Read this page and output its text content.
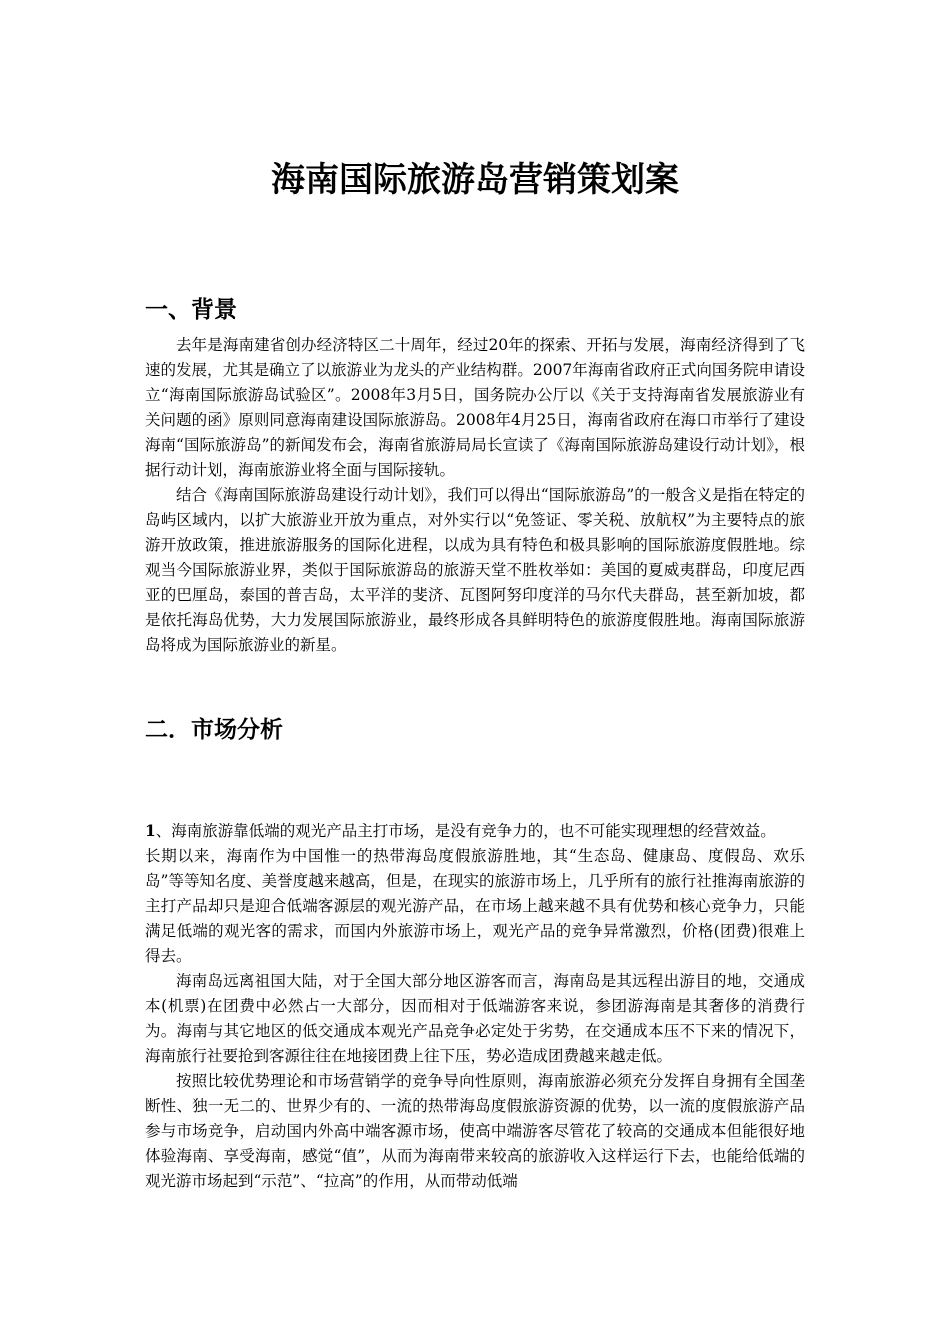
海南国际旅游岛营销策划案
一、背景

去年是海南建省创办经济特区二十周年，经过20年的探索、开拓与发展，海南经济得到了飞速的发展，尤其是确立了以旅游业为龙头的产业结构群。2007年海南省政府正式向国务院申请设立“海南国际旅游岛试验区”。2008年3月5日，国务院办公厅以《关于支持海南省发展旅游业有关问题的函》原则同意海南建设国际旅游岛。2008年4月25日，海南省政府在海口市举行了建设海南“国际旅游岛”的新闻发布会，海南省旅游局局长宣读了《海南国际旅游岛建设行动计划》，根据行动计划，海南旅游业将全面与国际接轨。

结合《海南国际旅游岛建设行动计划》，我们可以得出“国际旅游岛”的一般含义是指在特定的岛屿区域内，以扩大旅游业开放为重点，对外实行以“免签证、零关税、放航权”为主要特点的旅游开放政策，推进旅游服务的国际化进程，以成为具有特色和极具影响的国际旅游度假胜地。综观当今国际旅游业界，类似于国际旅游岛的旅游天堂不胜枚举如：美国的夏威夷群岛，印度尼西亚的巴厘岛，泰国的普吉岛，太平洋的斐济、瓦图阿努印度洋的马尔代夫群岛，甚至新加坡，都是依托海岛优势，大力发展国际旅游业，最终形成各具鲜明特色的旅游度假胜地。海南国际旅游岛将成为国际旅游业的新星。

二．市场分析

1、海南旅游靠低端的观光产品主打市场，是没有竞争力的，也不可能实现理想的经营效益。

长期以来，海南作为中国惟一的热带海岛度假旅游胜地，其“生态岛、健康岛、度假岛、欢乐岛”等等知名度、美誉度越来越高，但是，在现实的旅游市场上，几乎所有的旅行社推海南旅游的主打产品却只是迎合低端客源层的观光游产品，在市场上越来越不具有优势和核心竞争力，只能满足低端的观光客的需求，而国内外旅游市场上，观光产品的竞争异常激烈，价格(团费)很难上得去。

海南岛远离祖国大陆，对于全国大部分地区游客而言，海南岛是其远程出游目的地，交通成本(机票)在团费中必然占一大部分，因而相对于低端游客来说，参团游海南是其奢侈的消费行为。海南与其它地区的低交通成本观光产品竞争必定处于劣势，在交通成本压不下来的情况下，海南旅行社要抢到客源往往在地接团费上往下压，势必造成团费越来越走低。

按照比较优势理论和市场营销学的竞争导向性原则，海南旅游必须充分发挥自身拥有全国垄断性、独一无二的、世界少有的、一流的热带海岛度假旅游资源的优势，以一流的度假旅游产品参与市场竞争，启动国内外高中端客源市场，使高中端游客尽管花了较高的交通成本但能很好地体验海南、享受海南，感觉“值”，从而为海南带来较高的旅游收入这样运行下去，也能给低端的观光游市场起到“示范”、“拉高”的作用，从而带动低端
